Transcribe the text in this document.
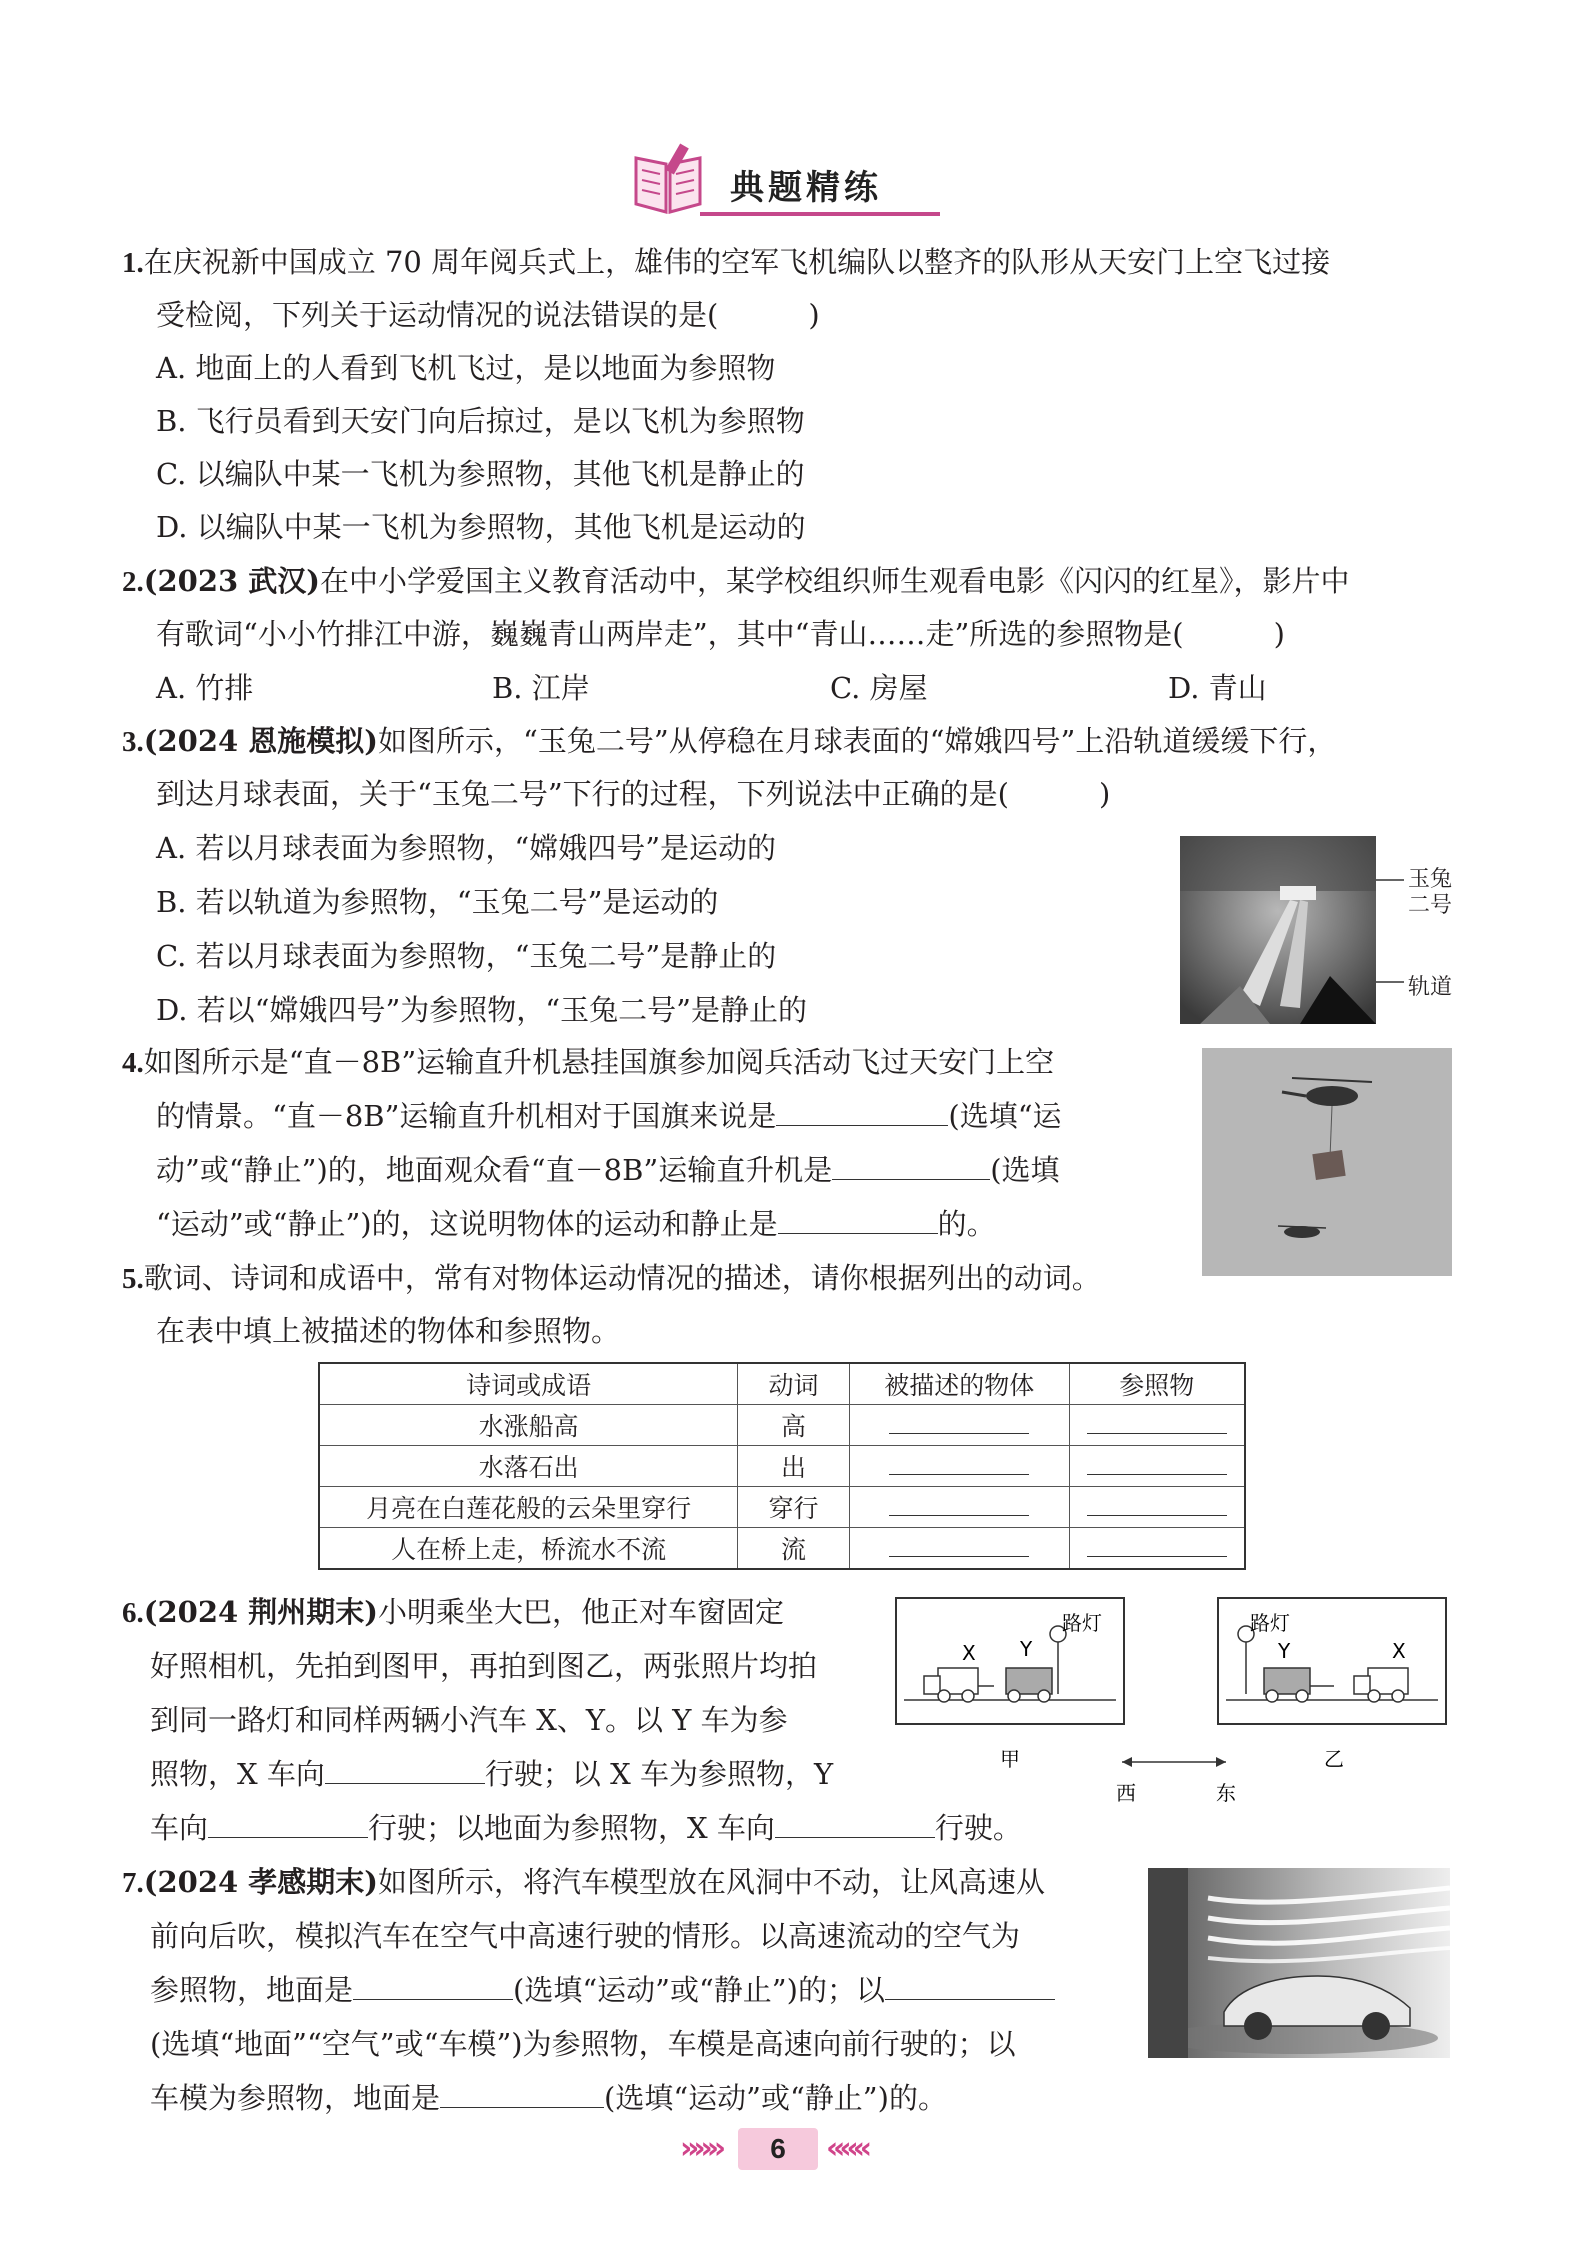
典题精练
1.在庆祝新中国成立 70 周年阅兵式上，雄伟的空军飞机编队以整齐的队形从天安门上空飞过接
受检阅，下列关于运动情况的说法错误的是(	)
A. 地面上的人看到飞机飞过，是以地面为参照物
B. 飞行员看到天安门向后掠过，是以飞机为参照物
C. 以编队中某一飞机为参照物，其他飞机是静止的
D. 以编队中某一飞机为参照物，其他飞机是运动的
2.(2023 武汉)在中小学爱国主义教育活动中，某学校组织师生观看电影《闪闪的红星》，影片中
有歌词“小小竹排江中游，巍巍青山两岸走”，其中“青山……走”所选的参照物是(	)
A. 竹排	B. 江岸	C. 房屋	D. 青山
3.(2024 恩施模拟)如图所示，“玉兔二号”从停稳在月球表面的“嫦娥四号”上沿轨道缓缓下行，
到达月球表面，关于“玉兔二号”下行的过程，下列说法中正确的是(	)
A. 若以月球表面为参照物，“嫦娥四号”是运动的
B. 若以轨道为参照物，“玉兔二号”是运动的
C. 若以月球表面为参照物，“玉兔二号”是静止的
D. 若以“嫦娥四号”为参照物，“玉兔二号”是静止的
玉兔
二号
轨道
4.如图所示是“直－8B”运输直升机悬挂国旗参加阅兵活动飞过天安门上空
的情景。“直－8B”运输直升机相对于国旗来说是	(选填“运
动”或“静止”)的，地面观众看“直－8B”运输直升机是	(选填
“运动”或“静止”)的，这说明物体的运动和静止是	的。
5.歌词、诗词和成语中，常有对物体运动情况的描述，请你根据列出的动词。
在表中填上被描述的物体和参照物。
诗词或成语	动词	被描述的物体	参照物
水涨船高	高		
水落石出	出		
月亮在白莲花般的云朵里穿行	穿行		
人在桥上走，桥流水不流	流		
6.(2024 荆州期末)小明乘坐大巴，他正对车窗固定
好照相机，先拍到图甲，再拍到图乙，两张照片均拍
到同一路灯和同样两辆小汽车 X、Y。以 Y 车为参
照物，X 车向	行驶；以 X 车为参照物，Y
车向	行驶；以地面为参照物，X 车向	行驶。
X Y
路灯	路灯
Y	X
甲	乙
西	东
7.(2024 孝感期末)如图所示，将汽车模型放在风洞中不动，让风高速从
前向后吹，模拟汽车在空气中高速行驶的情形。以高速流动的空气为
参照物，地面是	(选填“运动”或“静止”)的；以
(选填“地面”“空气”或“车模”)为参照物，车模是高速向前行驶的；以
车模为参照物，地面是	(选填“运动”或“静止”)的。
»»»	6	«««
